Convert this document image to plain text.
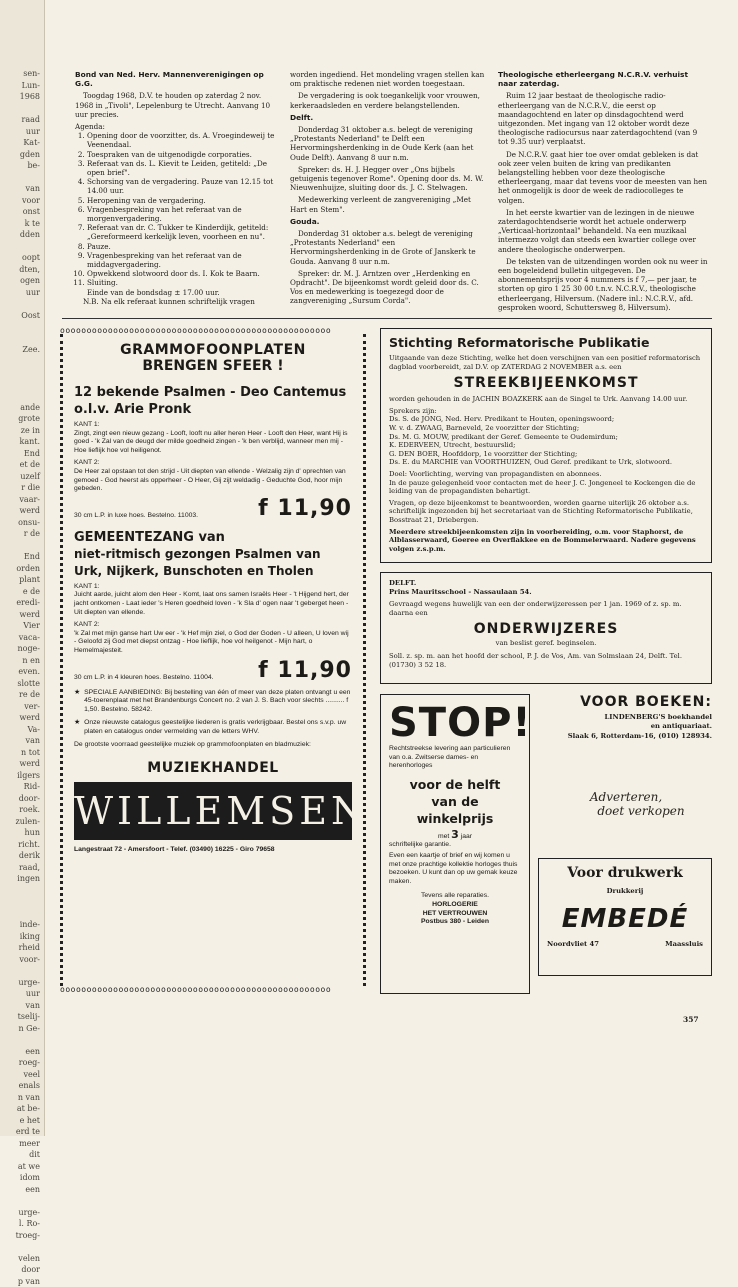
sen-
Lun-
1968

raad
uur
Kat-
gden
be-

van
voor
onst
k te
dden

oopt
dten,
ogen
uur

Oost

Zee.

ande
grote
ze in
kant.
End
et de
uzelf
r die
vaar-
werd
onsu-
r de

End
orden
plant
e de
eredi-
werd
Vier
vaca-
noge-
n en
even.
slotte
re de
ver-
werd
Va-
van
n tot
werd
ilgers
Rid-
door-
roek.
zulen-
hun
richt.
derik
raad,
ingen

inde-
iking
rheid
voor-

urge-
uur
van
tselij-
n Ge-

een
roeg-
veel
enals
n van
at be-
e het
erd te
meer
dit
at we
idom
een

urge-
l. Ro-
troeg-

velen
door
p van

Bond van Ned. Herv. Mannenverenigingen op G.G.

Toogdag 1968, D.V. te houden op zaterdag 2 nov. 1968 in „Tivoli", Lepelenburg te Utrecht. Aanvang 10 uur precies.

Agenda:

1. Opening door de voorzitter, ds. A. Vroegindeweij te Veenendaal.
2. Toespraken van de uitgenodigde corporaties.
3. Referaat van ds. L. Kievit te Leiden, getiteld: „De open brief".
4. Schorsing van de vergadering. Pauze van 12.15 tot 14.00 uur.
5. Heropening van de vergadering.
6. Vragenbespreking van het referaat van de morgenvergadering.
7. Referaat van dr. C. Tukker te Kinderdijk, getiteld: „Gereformeerd kerkelijk leven, voorheen en nu".
8. Pauze.
9. Vragenbespreking van het referaat van de middagvergadering.
10. Opwekkend slotwoord door ds. I. Kok te Baarn.
11. Sluiting.

Einde van de bondsdag ± 17.00 uur.

N.B. Na elk referaat kunnen schriftelijk vragen

worden ingediend. Het mondeling vragen stellen kan om praktische redenen niet worden toegestaan.

De vergadering is ook toegankelijk voor vrouwen, kerkeraadsleden en verdere belangstellenden.

Delft.

Donderdag 31 oktober a.s. belegt de vereniging „Protestants Nederland" te Delft een Hervormingsherdenking in de Oude Kerk (aan het Oude Delft). Aanvang 8 uur n.m.

Spreker: ds. H. J. Hegger over „Ons bijbels getuigenis tegenover Rome". Opening door ds. M. W. Nieuwenhuijze, sluiting door ds. J. C. Stelwagen.

Medewerking verleent de zangvereniging „Met Hart en Stem".

Gouda.

Donderdag 31 oktober a.s. belegt de vereniging „Protestants Nederland" een Hervormingsherdenking in de Grote of Janskerk te Gouda. Aanvang 8 uur n.m.

Spreker: dr. M. J. Arntzen over „Herdenking en Opdracht". De bijeenkomst wordt geleid door ds. C. Vos en medewerking is toegezegd door de zangvereniging „Sursum Corda".

Theologische etherleergang N.C.R.V. verhuist naar zaterdag.

Ruim 12 jaar bestaat de theologische radio-etherleergang van de N.C.R.V., die eerst op maandagochtend en later op dinsdagochtend werd uitgezonden. Met ingang van 12 oktober wordt deze theologische radiocursus naar zaterdagochtend (van 9 tot 9.35 uur) verplaatst.

De N.C.R.V. gaat hier toe over omdat gebleken is dat ook zeer velen buiten de kring van predikanten belangstelling hebben voor deze theologische etherleergang, maar dat tevens voor de meesten van hen het onmogelijk is door de week de radiocolleges te volgen.

In het eerste kwartier van de lezingen in de nieuwe zaterdagochtendserie wordt het actuele onderwerp „Verticaal-horizontaal" behandeld. Na een muzikaal intermezzo volgt dan steeds een kwartier college over andere theologische onderwerpen.

De teksten van de uitzendingen worden ook nu weer in een bogeleidend bulletin uitgegeven. De abonnementsprijs voor 4 nummers is f 7,— per jaar, te storten op giro 1 25 30 00 t.n.v. N.C.R.V., theologische etherleergang, Hilversum. (Nadere inl.: N.C.R.V., afd. gesproken woord, Schuttersweg 8, Hilversum).

ooooooooooooooooooooooooooooooooooooooooooooooooooo
ooooooooooooooooooooooooooooooooooooooooooooooooooo
GRAMMOFOONPLATEN
BRENGEN SFEER !
12 bekende Psalmen - Deo Cantemus
o.l.v. Arie Pronk
KANT 1:
Zingt, zingt een nieuw gezang - Looft, looft nu aller heren Heer - Looft den Heer, want Hij is goed - 'k Zal van de deugd der milde goedheid zingen - 'k ben verblijd, wanneer men mij - Hoe lieflijk hoe vol heiligenot.
KANT 2:
De Heer zal opstaan tot den strijd - Uit diepten van ellende - Welzalig zijn d' oprechten van gemoed - God heerst als opperheer - O Heer, Gij zijt weldadig - Geduchte God, hoor mijn gebeden.
30 cm L.P. in luxe hoes. Bestelno. 11003.	f 11,90
GEMEENTEZANG van
niet-ritmisch gezongen Psalmen van
Urk, Nijkerk, Bunschoten en Tholen
KANT 1:
Juicht aarde, juicht alom den Heer - Komt, laat ons samen Israëls Heer - 't Hijgend hert, der jacht ontkomen - Laat ieder 's Heren goedheid loven - 'k Sla d' ogen naar 't geberget heen - Uit diepten van ellende.
KANT 2:
'k Zal met mijn ganse hart Uw eer - 'k Hef mijn ziel, o God der Goden - U alleen, U loven wij - Geloofd zij God met diepst ontzag - Hoe lieflijk, hoe vol heilgenot - Mijn hart, o Hemelmajesteit.
30 cm L.P. in 4 kleuren hoes. Bestelno. 11004. f 11,90
★ SPECIALE AANBIEDING: Bij bestelling van één of meer van deze platen ontvangt u een 45-toerenplaat met het Brandenburgs Concert no. 2 van J. S. Bach voor slechts .......... f 1,50. Bestelno. 58242.
★ Onze nieuwste catalogus geestelijke liederen is gratis verkrijgbaar. Bestel ons s.v.p. uw platen en catalogus onder vermelding van de letters WHV.
De grootste voorraad geestelijke muziek op grammofoonplaten en bladmuziek:
MUZIEKHANDEL
WILLEMSEN
Langestraat 72 - Amersfoort - Telef. (03490) 16225 - Giro 79658
Stichting Reformatorische Publikatie
Uitgaande van deze Stichting, welke het doen verschijnen van een positief reformatorisch dagblad voorbereidt, zal D.V. op ZATERDAG 2 NOVEMBER a.s. een
STREEKBIJEENKOMST
worden gehouden in de JACHIN BOAZKERK aan de Singel te Urk. Aanvang 14.00 uur.
Sprekers zijn:
Ds. S. de JONG, Ned. Herv. Predikant te Houten, openingswoord;
W. v. d. ZWAAG, Barneveld, 2e voorzitter der Stichting;
Ds. M. G. MOUW, predikant der Geref. Gemeente te Oudemirdum;
K. EDERVEEN, Utrecht, bestuurslid;
G. DEN BOER, Hoofddorp, 1e voorzitter der Stichting;
Ds. E. du MARCHIE van VOORTHUIZEN, Oud Geref. predikant te Urk, slotwoord.
Doel: Voorlichting, werving van propagandisten en abonnees.
In de pauze gelegenheid voor contacten met de heer J. C. Jongeneel te Kockengen die de leiding van de propagandisten behartigt.
Vragen, op deze bijeenkomst te beantwoorden, worden gaarne uiterlijk 26 oktober a.s. schriftelijk ingezonden bij het secretariaat van de Stichting Reformatorische Publikatie, Bosstraat 21, Driebergen.
Meerdere streekbijeenkomsten zijn in voorbereiding, o.m. voor Staphorst, de Alblasserwaard, Goeree en Overflakkee en de Bommelerwaard. Nadere gegevens volgen z.s.p.m.
DELFT.
Prins Mauritsschool - Nassaulaan 54.
Gevraagd wegens huwelijk van een der onderwijzeressen per 1 jan. 1969 of z. sp. m. daarna een
ONDERWIJZERES
van beslist geref. beginselen.
Soll. z. sp. m. aan het hoofd der school, P. J. de Vos, Am. van Solmslaan 24, Delft. Tel. (01730) 3 52 18.
STOP!
Rechtstreekse levering aan particulieren van o.a. Zwitserse dames- en herenhorloges
voor de helft
van de
winkelprijs
met 3 jaar
schriftelijke garantie.
Even een kaartje of brief en wij komen u met onze prachtige kollektie horloges thuis bezoeken. U kunt dan op uw gemak keuze maken.
Tevens alle reparaties.
HORLOGERIE
HET VERTROUWEN
Postbus 380 - Leiden
VOOR BOEKEN:
LINDENBERG'S boekhandel
en antiquariaat.
Slaak 6, Rotterdam-16, (010) 128934.
Adverteren,
doet verkopen
Voor drukwerk
Drukkerij
EMBEDÉ
Noordvliet 47	Maassluis
357
